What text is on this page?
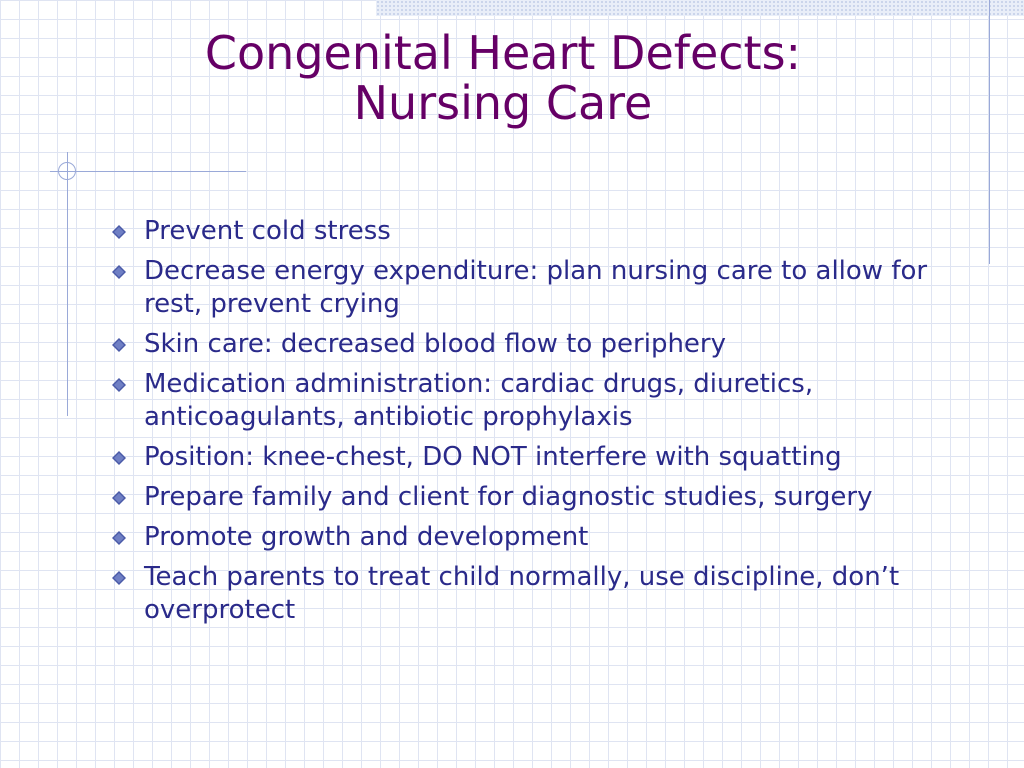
Congenital Heart Defects:
Nursing Care
Prevent cold stress
Decrease energy expenditure: plan nursing care to allow for rest, prevent crying
Skin care: decreased blood flow to periphery
Medication administration: cardiac drugs, diuretics, anticoagulants, antibiotic prophylaxis
Position: knee-chest, DO NOT interfere with squatting
Prepare family and client for diagnostic studies, surgery
Promote growth and development
Teach parents to treat child normally, use discipline, don’t overprotect
